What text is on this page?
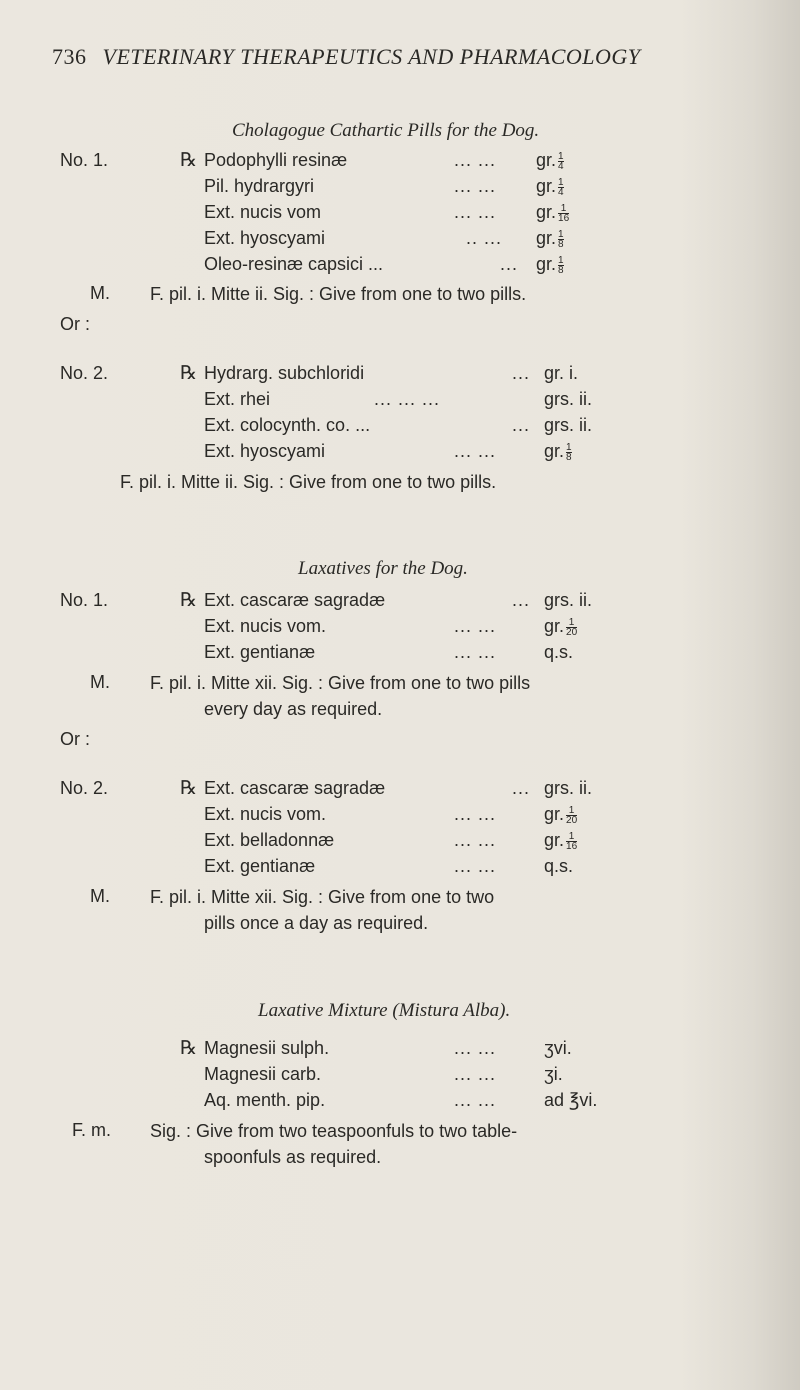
736 VETERINARY THERAPEUTICS AND PHARMACOLOGY
Cholagogue Cathartic Pills for the Dog.
No. 1.	℞ Podophylli resinæ	... ... gr. $\frac{1}{4}$
Pil. hydrargyri	... ... gr. $\frac{1}{4}$
Ext. nucis vom	... ... gr. $\frac{1}{16}$
Ext. hyoscyami	.. ... gr. $\frac{1}{8}$
Oleo-resinæ capsici ...	... gr. $\frac{1}{8}$
M. F. pil. i. Mitte ii. Sig. : Give from one to two pills.
Or :
No. 2.	℞ Hydrarg. subchloridi	... gr. i.
Ext. rhei	... ... ...	grs. ii.
Ext. colocynth. co. ...	... grs. ii.
Ext. hyoscyami	... ...	gr. $\frac{1}{8}$
F. pil. i. Mitte ii. Sig. : Give from one to two pills.
Laxatives for the Dog.
No. 1.	℞ Ext. cascaræ sagradæ	... grs. ii.
Ext. nucis vom.	... ...	gr. $\frac{1}{20}$
Ext. gentianæ	... ...	q.s.
M. F. pil. i. Mitte xii. Sig. : Give from one to two pills
every day as required.
Or :
No. 2.	℞ Ext. cascaræ sagradæ	... grs. ii.
Ext. nucis vom.	... ...	gr. $\frac{1}{20}$
Ext. belladonnæ	... ...	gr. $\frac{1}{16}$
Ext. gentianæ	... ...	q.s.
M. F. pil. i. Mitte xii. Sig. : Give from one to two
pills once a day as required.
Laxative Mixture (Mistura Alba).
℞ Magnesii sulph.	... ...	ʒvi.
Magnesii carb.	... ...	ʒi.
Aq. menth. pip.	... ...	ad ℥vi.
F. m. Sig. : Give from two teaspoonfuls to two table-
spoonfuls as required.
